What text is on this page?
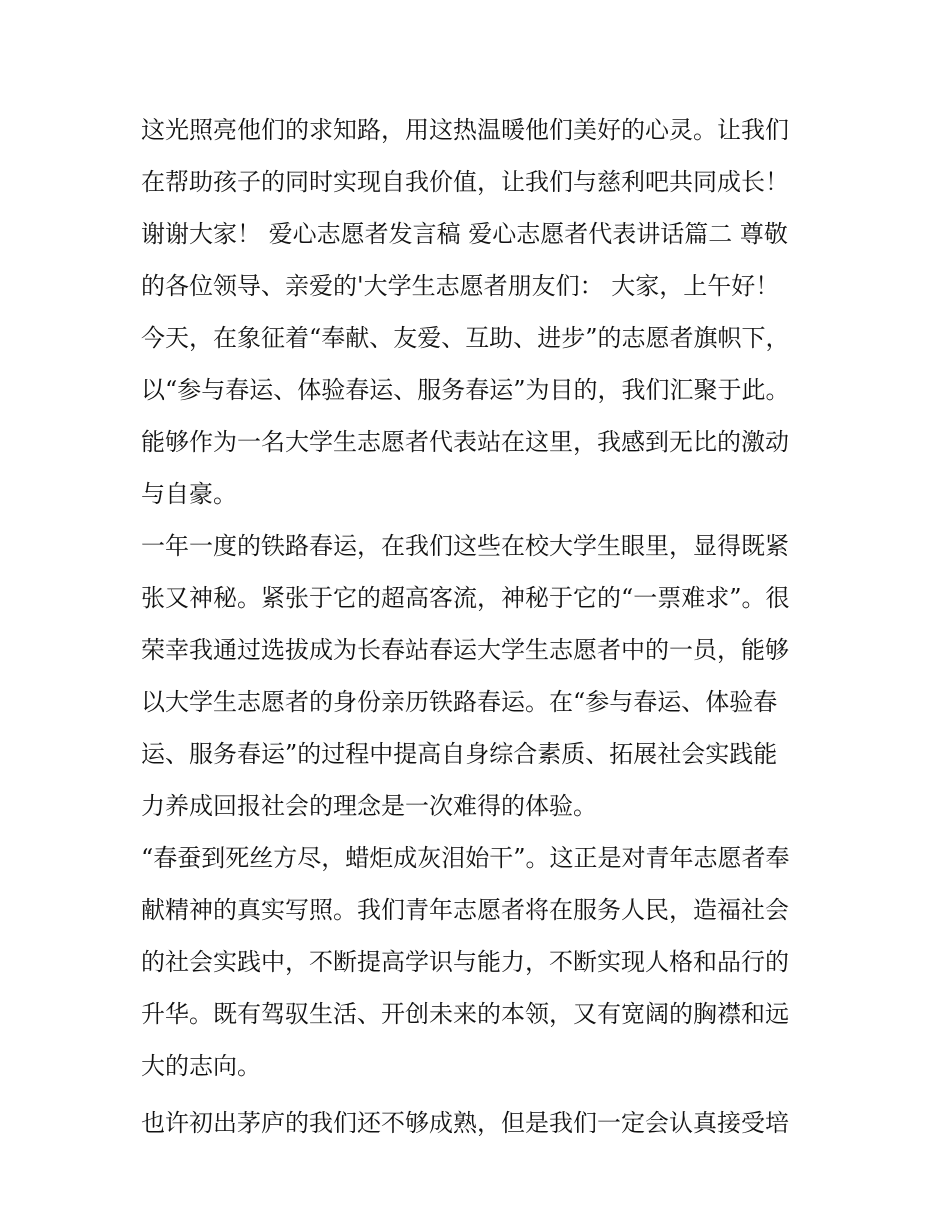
这光照亮他们的求知路，用这热温暖他们美好的心灵。让我们
在帮助孩子的同时实现自我价值，让我们与慈利吧共同成长！
谢谢大家！ 爱心志愿者发言稿 爱心志愿者代表讲话篇二 尊敬
的各位领导、亲爱的'大学生志愿者朋友们： 大家，上午好！
今天，在象征着“奉献、友爱、互助、进步”的志愿者旗帜下，
以“参与春运、体验春运、服务春运”为目的，我们汇聚于此。
能够作为一名大学生志愿者代表站在这里，我感到无比的激动
与自豪。
一年一度的铁路春运，在我们这些在校大学生眼里，显得既紧
张又神秘。紧张于它的超高客流，神秘于它的“一票难求”。很
荣幸我通过选拔成为长春站春运大学生志愿者中的一员，能够
以大学生志愿者的身份亲历铁路春运。在“参与春运、体验春
运、服务春运”的过程中提高自身综合素质、拓展社会实践能
力养成回报社会的理念是一次难得的体验。
“春蚕到死丝方尽，蜡炬成灰泪始干”。这正是对青年志愿者奉
献精神的真实写照。我们青年志愿者将在服务人民，造福社会
的社会实践中，不断提高学识与能力，不断实现人格和品行的
升华。既有驾驭生活、开创未来的本领，又有宽阔的胸襟和远
大的志向。
也许初出茅庐的我们还不够成熟，但是我们一定会认真接受培
